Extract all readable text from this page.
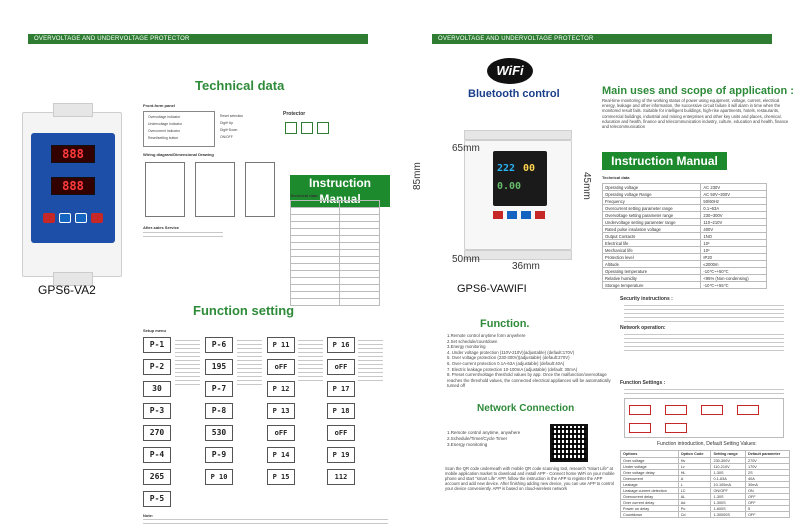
OVERVOLTAGE AND UNDERVOLTAGE PROTECTOR
Technical data
888
888
GPS6-VA2
Front-form panel
Overvoltage Indicator
Undervoltage Indicator
Overcurrent Indicator
Reset/setting button
Reset selection
Digit+Up
Digit+Down
ON/OFF
Protector
Wiring diagram/Dimensional Drawing
After-sales Service
Instruction Manual
Technical data

Function setting
Setup menu
P-1
P-2
30
P-3
270
P-4
265
P-5
P-6
195
P-7
P-8
530
P-9
P 10
P 11
oFF
P 12
P 13
oFF
P 14
P 15
P 16
oFF
P 17
P 18
oFF
P 19
112
Note:
OVERVOLTAGE AND UNDERVOLTAGE PROTECTOR
WiFi
Bluetooth control	Main uses and scope of application :
Real-time monitoring of the working status of power using equipment, voltage, current, electrical energy, leakage and other information, the successive circuit failure it will alarm in time when the monitored result fails. Suitable for intelligent buildings, high-rise apartments, hotels, restaurants, commercial buildings, industrial and mining enterprises and other key units and places, chemical, education and health, finance and telecommunication industry, culture, education and health, finance and telecommunication
Instruction Manual
222 00
0.00
65mm
85mm	45mm
50mm
36mm
GPS6-VAWIFI
Technical data
Operating voltage	AC 230V
Operating voltage Range	AC 50V~300V
Frequency	50/60Hz
Overcurrent setting parameter range	0.1~63A
Overvoltage setting parameter range	230~300V
Undervoltage setting parameter range	110~210V
Rated pulse insulation voltage	400V
Output Contacts	1NO
Electrical life	10⁵
Mechanical life	10⁶
Protection level	IP20
Altitude	≤2000m
Operating temperature	-10℃~+50℃
Relative humidity	<95% (Non-condensing)
Storage temperature	-10℃~+55℃
Function.
1.Remote control anytime form anywhere
2.Set schedule/countdown
3.Energy monitoring
4. Under voltage protection (110V-210V)(adjustable) (default:170V)
5. Over voltage protection (230-300V)(adjustable) (default:270V)
6. Over-current protection 0.1A-63A (adjustable) (default:40A)
7. Electric leakage protection 10-100mA (adjustable) (default: 30mA)
8. Preset current/voltage threshold values by app. Once the malfunction/overvoltage reaches the threshold values, the connected electrical appliances will be automatically turned off
Network Connection
1.Remote control anytime, anywhere
2.Schedule/Timer/Cycle Timer
3.Energy monitoring
Scan the QR code underneath with mobile QR code scanning tool, research "smart Life" at mobile application market to download and install APP - Connect home WiFi on your mobile phone and start "smart Life" APP, follow the instruction in the APP to register the APP account and add new device. After finishing adding new device, you can use APP to control your device conveniently. APP is based on cloud-wireless network
Security instructions :
Network operation:
Function Settings :
Function introduction, Default Setting Values:
Options	Option Code	Setting range	Default parameter
Over voltage	Hv	230-300V	270V
Under voltage	Lv	110-210V	170V
Over voltage delay	HL	1-30S	2S
Overcurrent	A	0.1-63A	40A
Leakage	L	10-100mA	30mA
Leakage current detection	LC	ON/OFF	ON
Overcurrent delay	AL	1-30S	OFF
Over current delay	Ad	1-300S	OFF
Power on delay	Po	1-600S	5
Countdown	Cd	1-30000S	OFF
